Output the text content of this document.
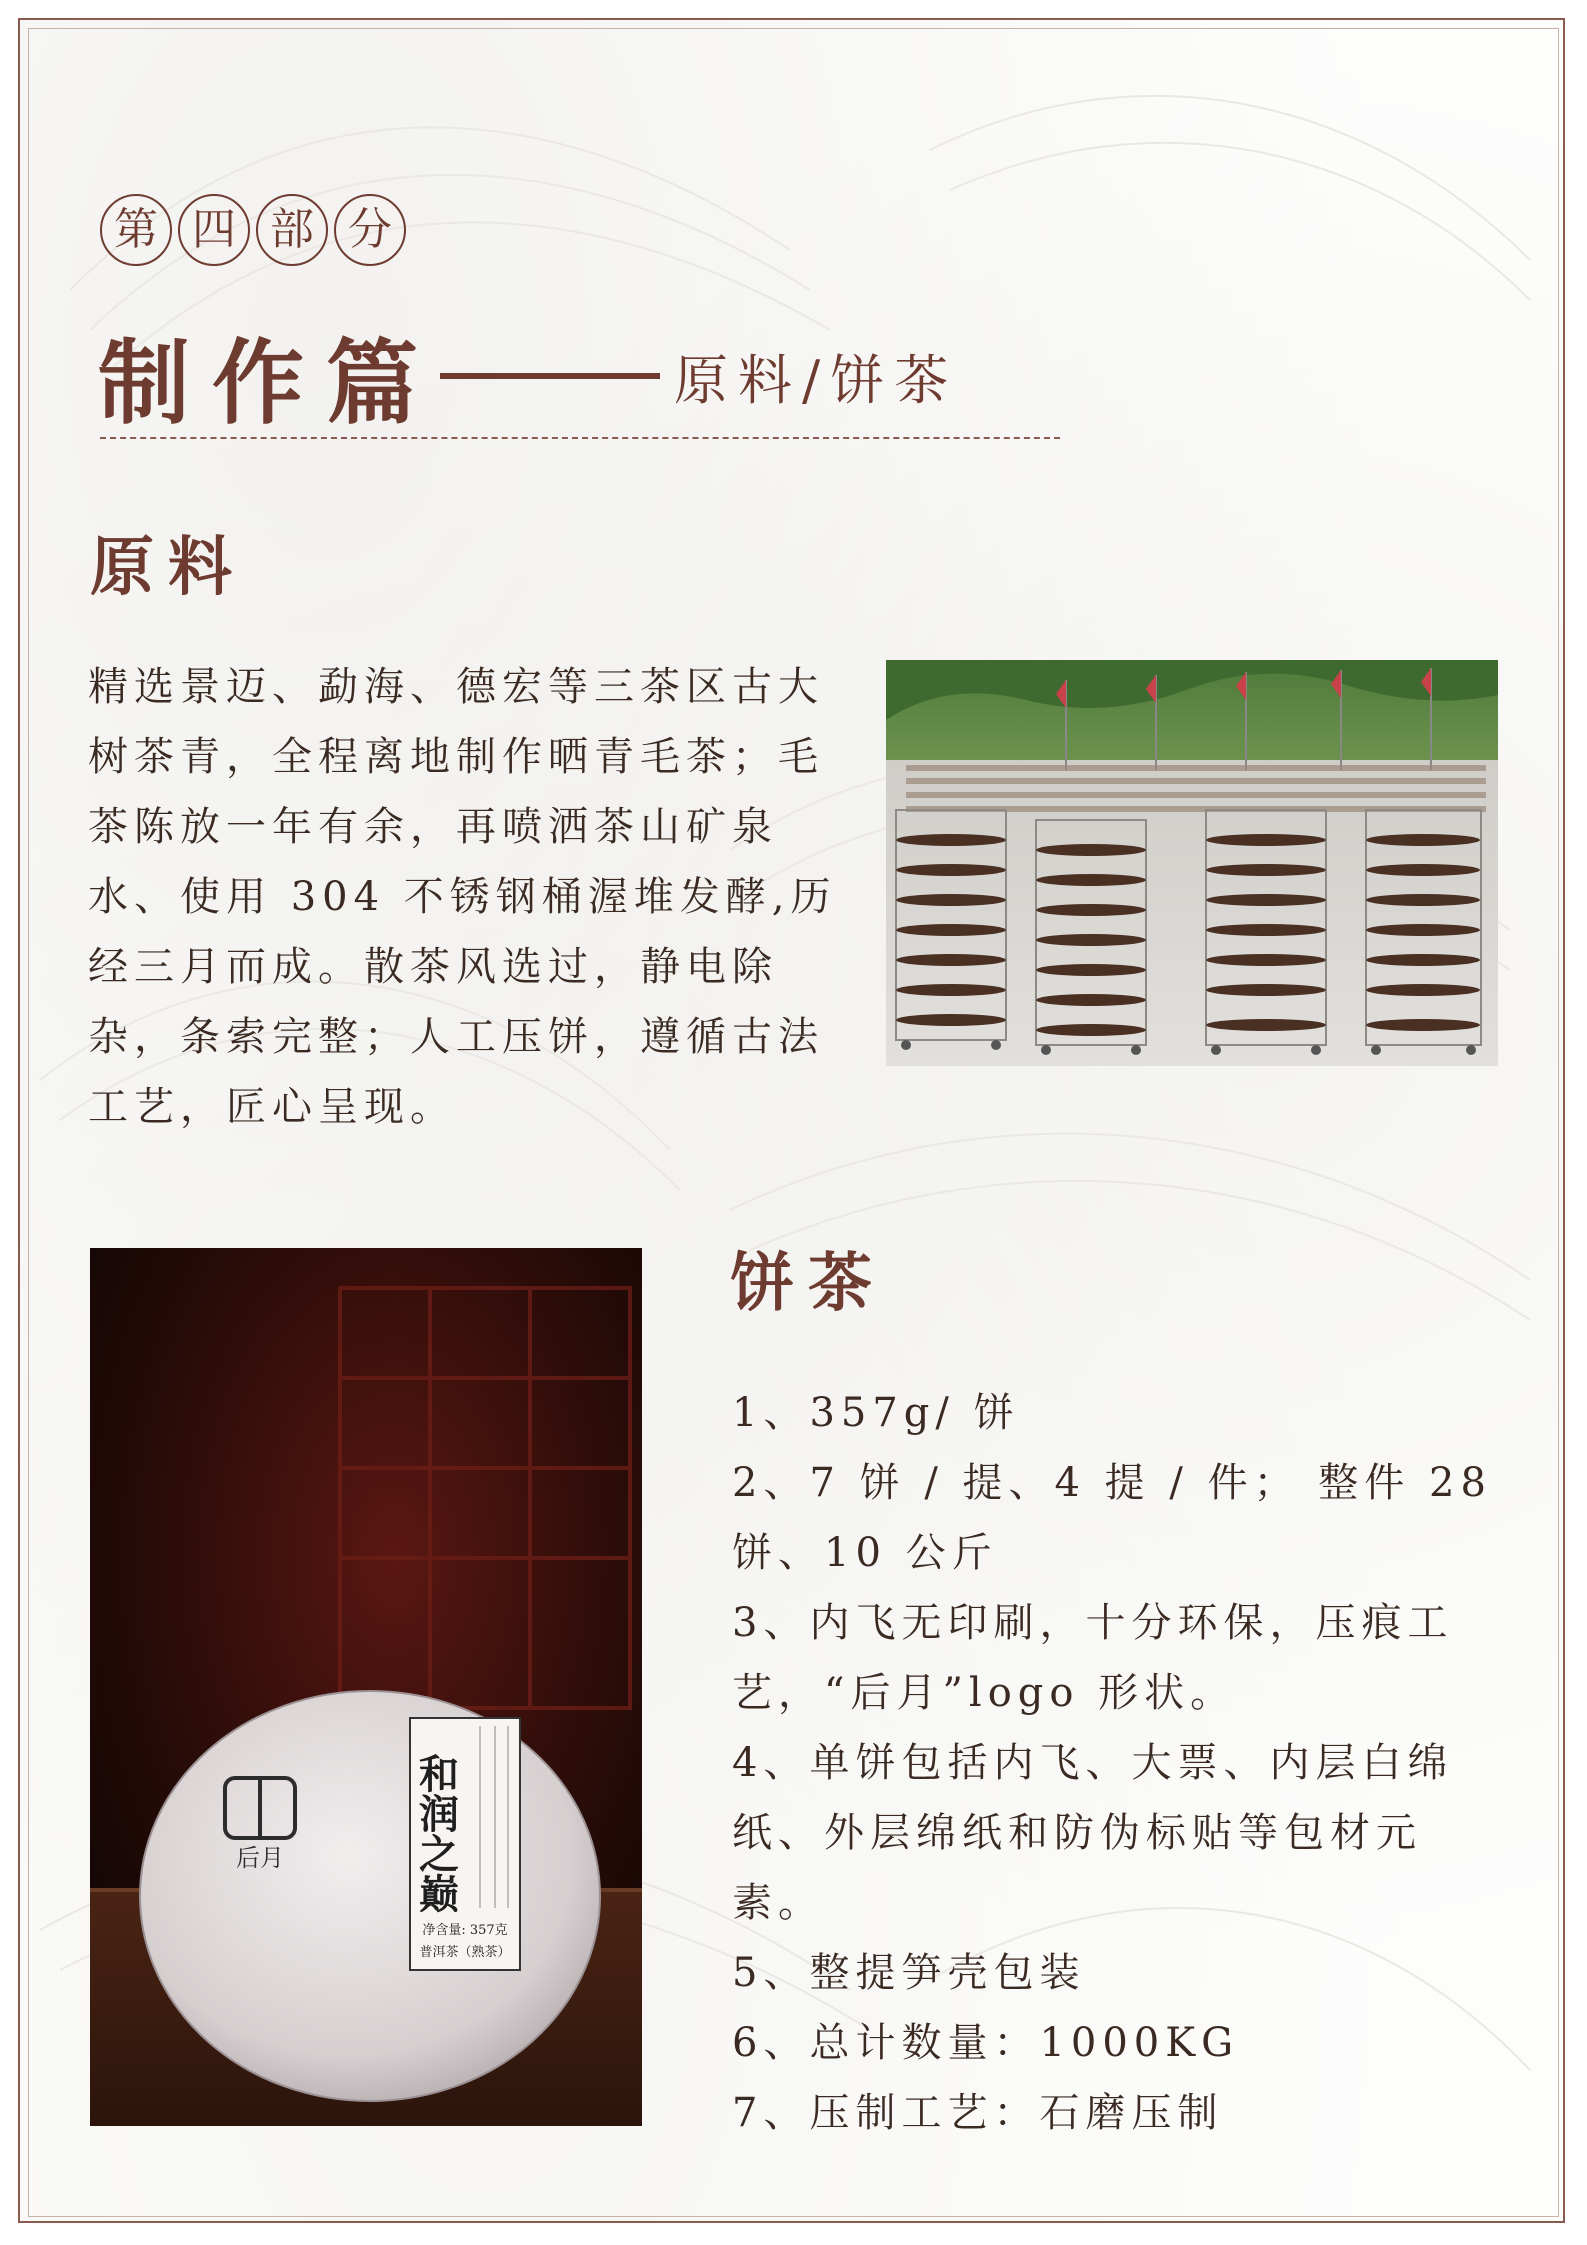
第 四 部 分
制作篇	原料/饼茶
原料

精选景迈、勐海、德宏等三茶区古大树茶青，全程离地制作晒青毛茶；毛茶陈放一年有余，再喷洒茶山矿泉水、使用 304 不锈钢桶渥堆发酵,历经三月而成。散茶风选过，静电除杂，条索完整；人工压饼，遵循古法工艺，匠心呈现。

后月	和润之巅
净含量: 357克
普洱茶（熟茶）
饼茶
1、357g/ 饼
2、7 饼 / 提、4 提 / 件； 整件 28 饼、10 公斤
3、内飞无印刷，十分环保，压痕工艺，“后月”logo 形状。
4、单饼包括内飞、大票、内层白绵纸、外层绵纸和防伪标贴等包材元素。
5、整提笋壳包装
6、总计数量：1000KG
7、压制工艺：石磨压制
